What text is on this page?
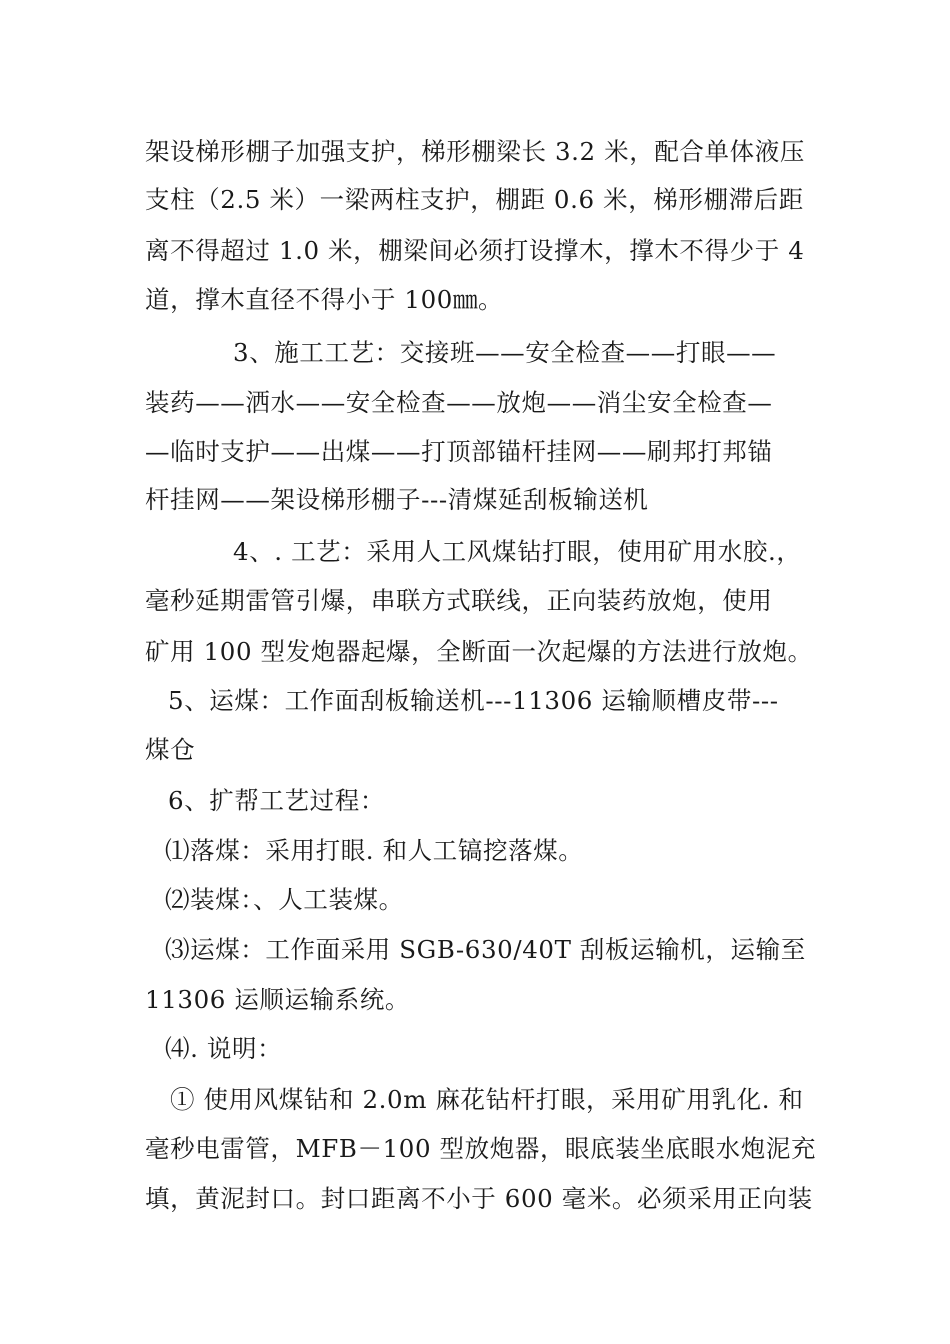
架设梯形棚子加强支护，梯形棚梁长 3.2 米，配合单体液压
支柱（2.5 米）一梁两柱支护，棚距 0.6 米，梯形棚滞后距
离不得超过 1.0 米，棚梁间必须打设撑木，撑木不得少于 4
道，撑木直径不得小于 100㎜。
3、施工工艺：交接班——安全检查——打眼——
装药——洒水——安全检查——放炮——消尘安全检查—
—临时支护——出煤——打顶部锚杆挂网——刷邦打邦锚
杆挂网——架设梯形棚子---清煤延刮板输送机
4、. 工艺：采用人工风煤钻打眼，使用矿用水胶.，
毫秒延期雷管引爆，串联方式联线，正向装药放炮，使用
矿用 100 型发炮器起爆，全断面一次起爆的方法进行放炮。
5、运煤：工作面刮板输送机---11306 运输顺槽皮带---
煤仓
6、扩帮工艺过程：
⑴落煤：采用打眼. 和人工镐挖落煤。
⑵装煤：、人工装煤。
⑶运煤：工作面采用 SGB-630/40T 刮板运输机，运输至
11306 运顺运输系统。
⑷. 说明：
① 使用风煤钻和 2.0m 麻花钻杆打眼，采用矿用乳化. 和
毫秒电雷管，MFB－100 型放炮器，眼底装坐底眼水炮泥充
填，黄泥封口。封口距离不小于 600 毫米。必须采用正向装
